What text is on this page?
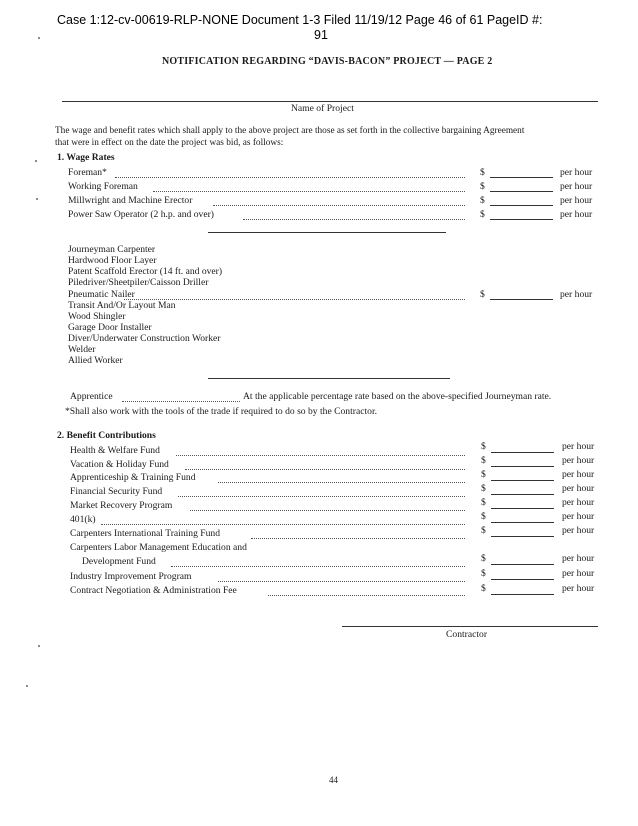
Case 1:12-cv-00619-RLP-NONE Document 1-3 Filed 11/19/12 Page 46 of 61 PageID #:
91
NOTIFICATION REGARDING “DAVIS-BACON” PROJECT — PAGE 2
Name of Project
The wage and benefit rates which shall apply to the above project are those as set forth in the collective bargaining Agreement
that were in effect on the date the project was bid, as follows:
1. Wage Rates
Foreman*
Working Foreman
Millwright and Machine Erector
Power Saw Operator (2 h.p. and over)
$
$
$
$
per hour
per hour
per hour
per hour
Journeyman Carpenter
Hardwood Floor Layer
Patent Scaffold Erector (14 ft. and over)
Piledriver/Sheetpiler/Caisson Driller
Pneumatic Nailer
Transit And/Or Layout Man
Wood Shingler
Garage Door Installer
Diver/Underwater Construction Worker
Welder
Allied Worker
$	per hour
Apprentice	At the applicable percentage rate based on the above-specified Journeyman rate.
*Shall also work with the tools of the trade if required to do so by the Contractor.
2. Benefit Contributions
Health & Welfare Fund
Vacation & Holiday Fund
Apprenticeship & Training Fund
Financial Security Fund
Market Recovery Program
401(k)
Carpenters International Training Fund
Carpenters Labor Management Education and
Development Fund
Industry Improvement Program
Contract Negotiation & Administration Fee
$
$
$
$
$
$
$
$
$
$
per hour
per hour
per hour
per hour
per hour
per hour
per hour
per hour
per hour
per hour
Contractor
44
